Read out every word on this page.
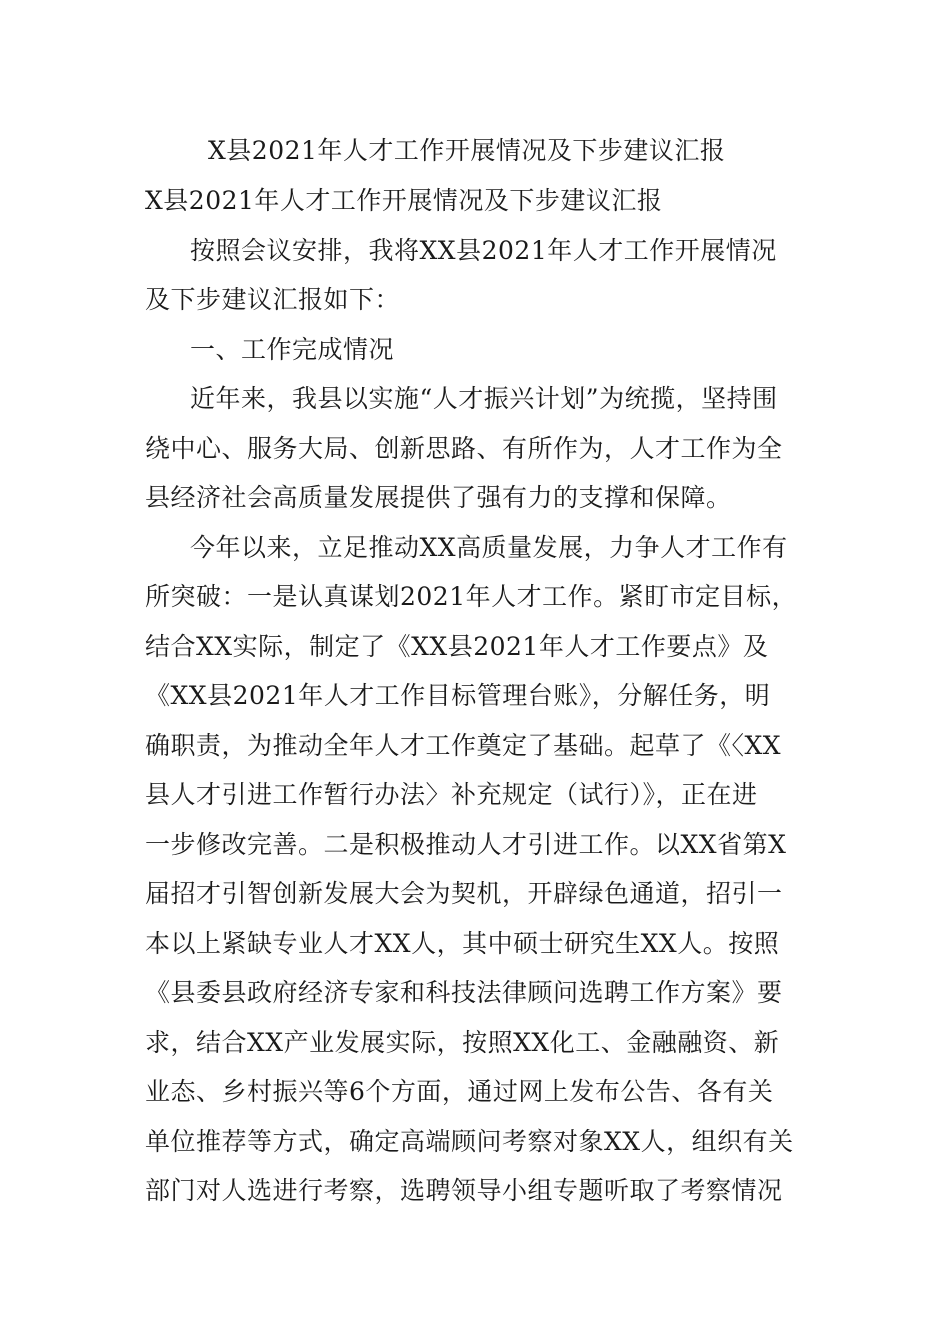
X县2021年人才工作开展情况及下步建议汇报
X县2021年人才工作开展情况及下步建议汇报
按照会议安排，我将XX县2021年人才工作开展情况
及下步建议汇报如下：
一、工作完成情况
近年来，我县以实施“人才振兴计划”为统揽，坚持围
绕中心、服务大局、创新思路、有所作为，人才工作为全
县经济社会高质量发展提供了强有力的支撑和保障。
今年以来，立足推动XX高质量发展，力争人才工作有
所突破：一是认真谋划2021年人才工作。紧盯市定目标，
结合XX实际，制定了《XX县2021年人才工作要点》及
《XX县2021年人才工作目标管理台账》，分解任务，明
确职责，为推动全年人才工作奠定了基础。起草了《〈XX
县人才引进工作暂行办法〉补充规定（试行）》，正在进
一步修改完善。二是积极推动人才引进工作。以XX省第X
届招才引智创新发展大会为契机，开辟绿色通道，招引一
本以上紧缺专业人才XX人，其中硕士研究生XX人。按照
《县委县政府经济专家和科技法律顾问选聘工作方案》要
求，结合XX产业发展实际，按照XX化工、金融融资、新
业态、乡村振兴等6个方面，通过网上发布公告、各有关
单位推荐等方式，确定高端顾问考察对象XX人，组织有关
部门对人选进行考察，选聘领导小组专题听取了考察情况
